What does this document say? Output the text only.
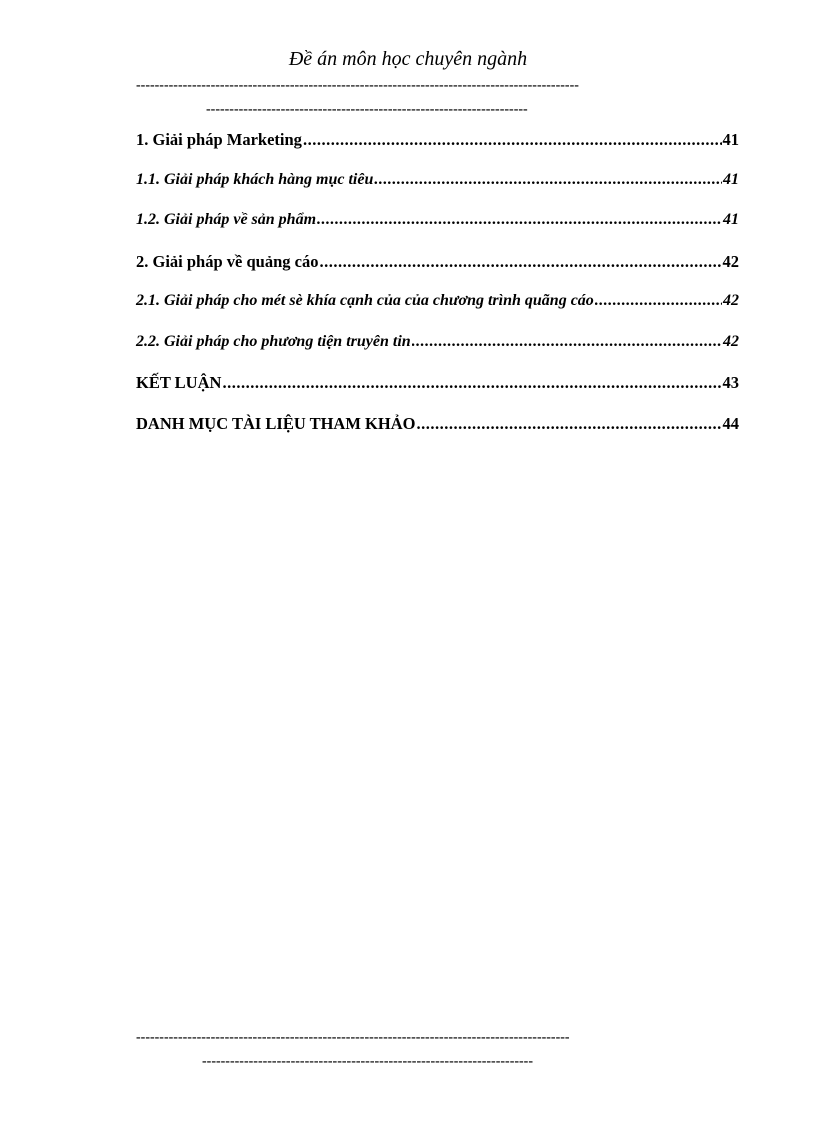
Đề án môn học chuyên ngành
-----------------------------------------------------------------------------------------------
---------------------------------------------------------------------
1. Giải pháp Marketing .....	41
1.1. Giải pháp khách hàng mục tiêu .....	41
1.2. Giải pháp về sản phẩm .....	41
2. Giải pháp về quảng cáo .....	42
2.1. Giải pháp cho mét sè khía cạnh của của chương trình quãng cáo .....	42
2.2. Giải pháp cho phương tiện truyên tin .....	42
KẾT LUẬN .....	43
DANH MỤC TÀI LIỆU THAM KHẢO .....	44
---------------------------------------------------------------------------------------------
-----------------------------------------------------------------------
